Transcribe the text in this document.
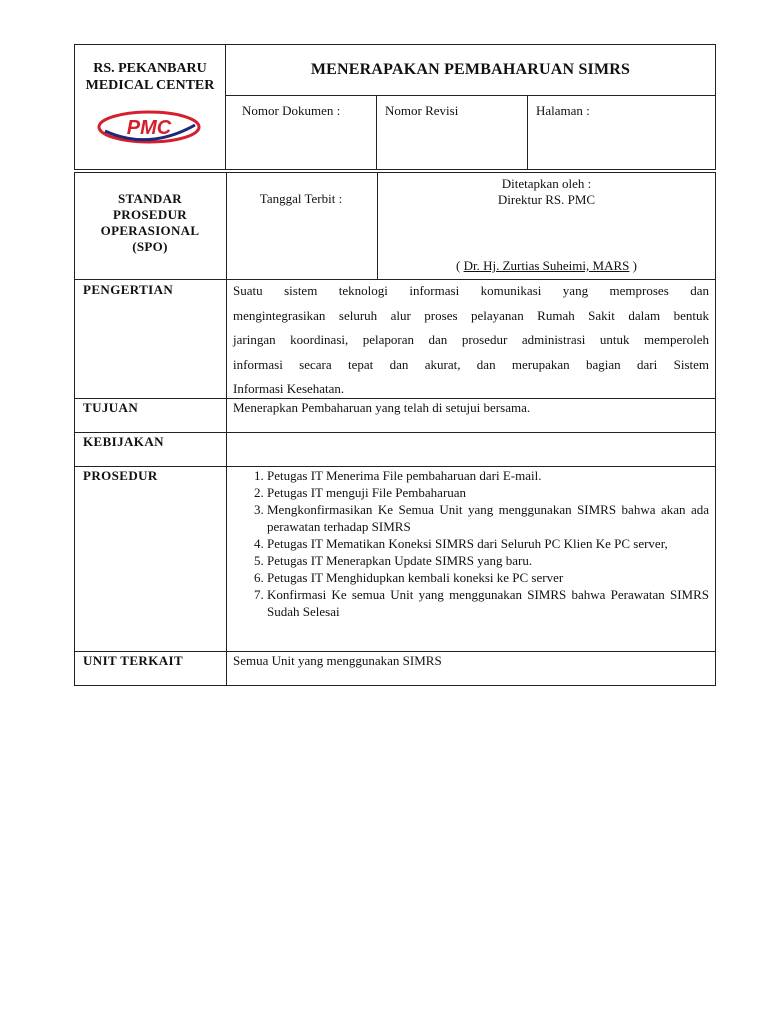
RS. PEKANBARU
MEDICAL CENTER
PMC
MENERAPAKAN PEMBAHARUAN SIMRS
Nomor Dokumen :	Nomor Revisi	Halaman :
STANDAR
PROSEDUR
OPERASIONAL
(SPO)
Tanggal Terbit :
Ditetapkan oleh :
Direktur RS. PMC
( Dr. Hj. Zurtias Suheimi, MARS )
PENGERTIAN	Suatu sistem teknologi informasi komunikasi yang memproses dan

mengintegrasikan seluruh alur proses pelayanan Rumah Sakit dalam bentuk

jaringan koordinasi, pelaporan dan prosedur administrasi untuk memperoleh

informasi secara tepat dan akurat, dan merupakan bagian dari Sistem

Informasi Kesehatan.

TUJUAN	Menerapkan Pembaharuan yang telah di setujui bersama.
KEBIJAKAN
PROSEDUR
1.	Petugas IT Menerima File pembaharuan dari E-mail.
2. Petugas IT menguji File Pembaharuan
3. Mengkonfirmasikan Ke Semua Unit yang menggunakan SIMRS bahwa akan ada perawatan terhadap SIMRS
4. Petugas IT Mematikan Koneksi SIMRS dari Seluruh PC Klien Ke PC server,
5. Petugas IT Menerapkan Update SIMRS yang baru.
6. Petugas IT Menghidupkan kembali koneksi ke PC server
7. Konfirmasi Ke semua Unit yang menggunakan SIMRS bahwa Perawatan SIMRS Sudah Selesai
UNIT TERKAIT	Semua Unit yang menggunakan SIMRS
